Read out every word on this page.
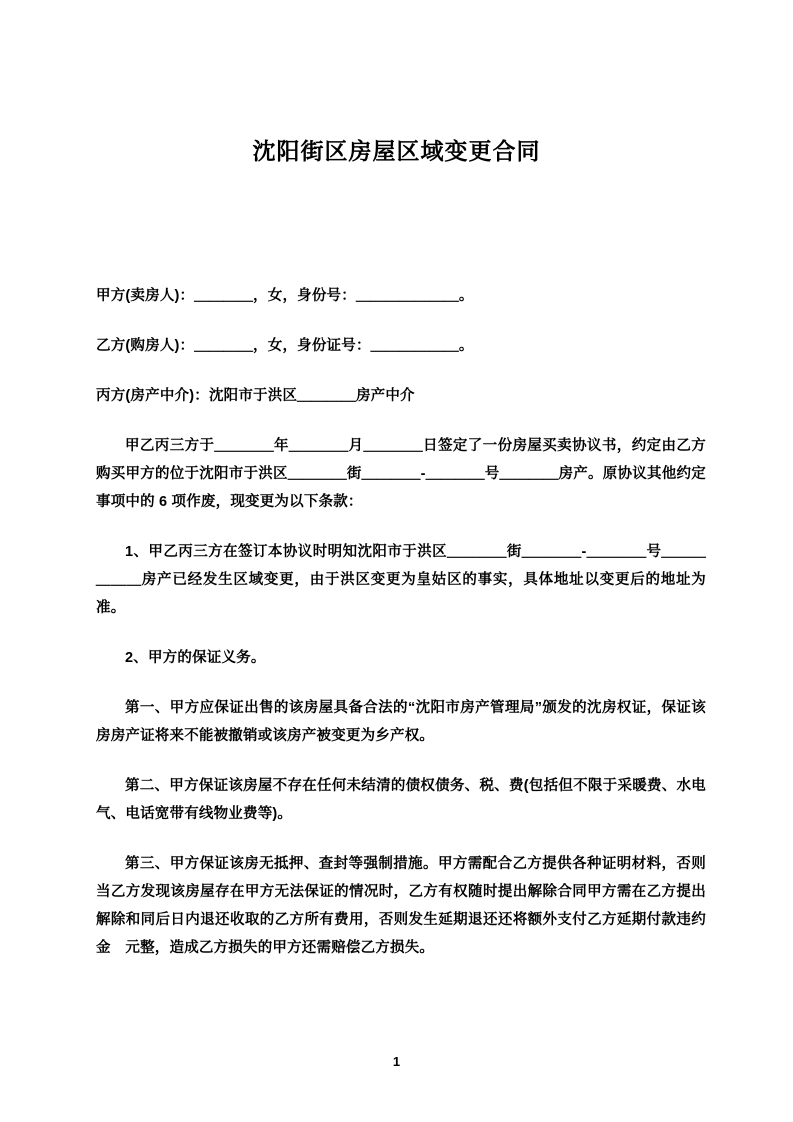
沈阳街区房屋区域变更合同

甲方(卖房人)：＿＿＿＿，女，身份号：＿＿＿＿＿＿＿。

乙方(购房人)：＿＿＿＿，女，身份证号：＿＿＿＿＿＿。

丙方(房产中介)：沈阳市于洪区＿＿＿＿房产中介

甲乙丙三方于＿＿＿＿年＿＿＿＿月＿＿＿＿日签定了一份房屋买卖协议书，约定由乙方购买甲方的位于沈阳市于洪区＿＿＿＿街＿＿＿＿-＿＿＿＿号＿＿＿＿房产。原协议其他约定事项中的 6 项作废，现变更为以下条款：

1、甲乙丙三方在签订本协议时明知沈阳市于洪区＿＿＿＿街＿＿＿＿-＿＿＿＿号＿＿＿＿＿＿房产已经发生区域变更，由于洪区变更为皇姑区的事实，具体地址以变更后的地址为准。

2、甲方的保证义务。

第一、甲方应保证出售的该房屋具备合法的“沈阳市房产管理局”颁发的沈房权证，保证该房房产证将来不能被撤销或该房产被变更为乡产权。

第二、甲方保证该房屋不存在任何未结清的债权债务、税、费(包括但不限于采暖费、水电气、电话宽带有线物业费等)。

第三、甲方保证该房无抵押、查封等强制措施。甲方需配合乙方提供各种证明材料，否则当乙方发现该房屋存在甲方无法保证的情况时，乙方有权随时提出解除合同甲方需在乙方提出解除和同后日内退还收取的乙方所有费用，否则发生延期退还还将额外支付乙方延期付款违约金　元整，造成乙方损失的甲方还需赔偿乙方损失。

1
